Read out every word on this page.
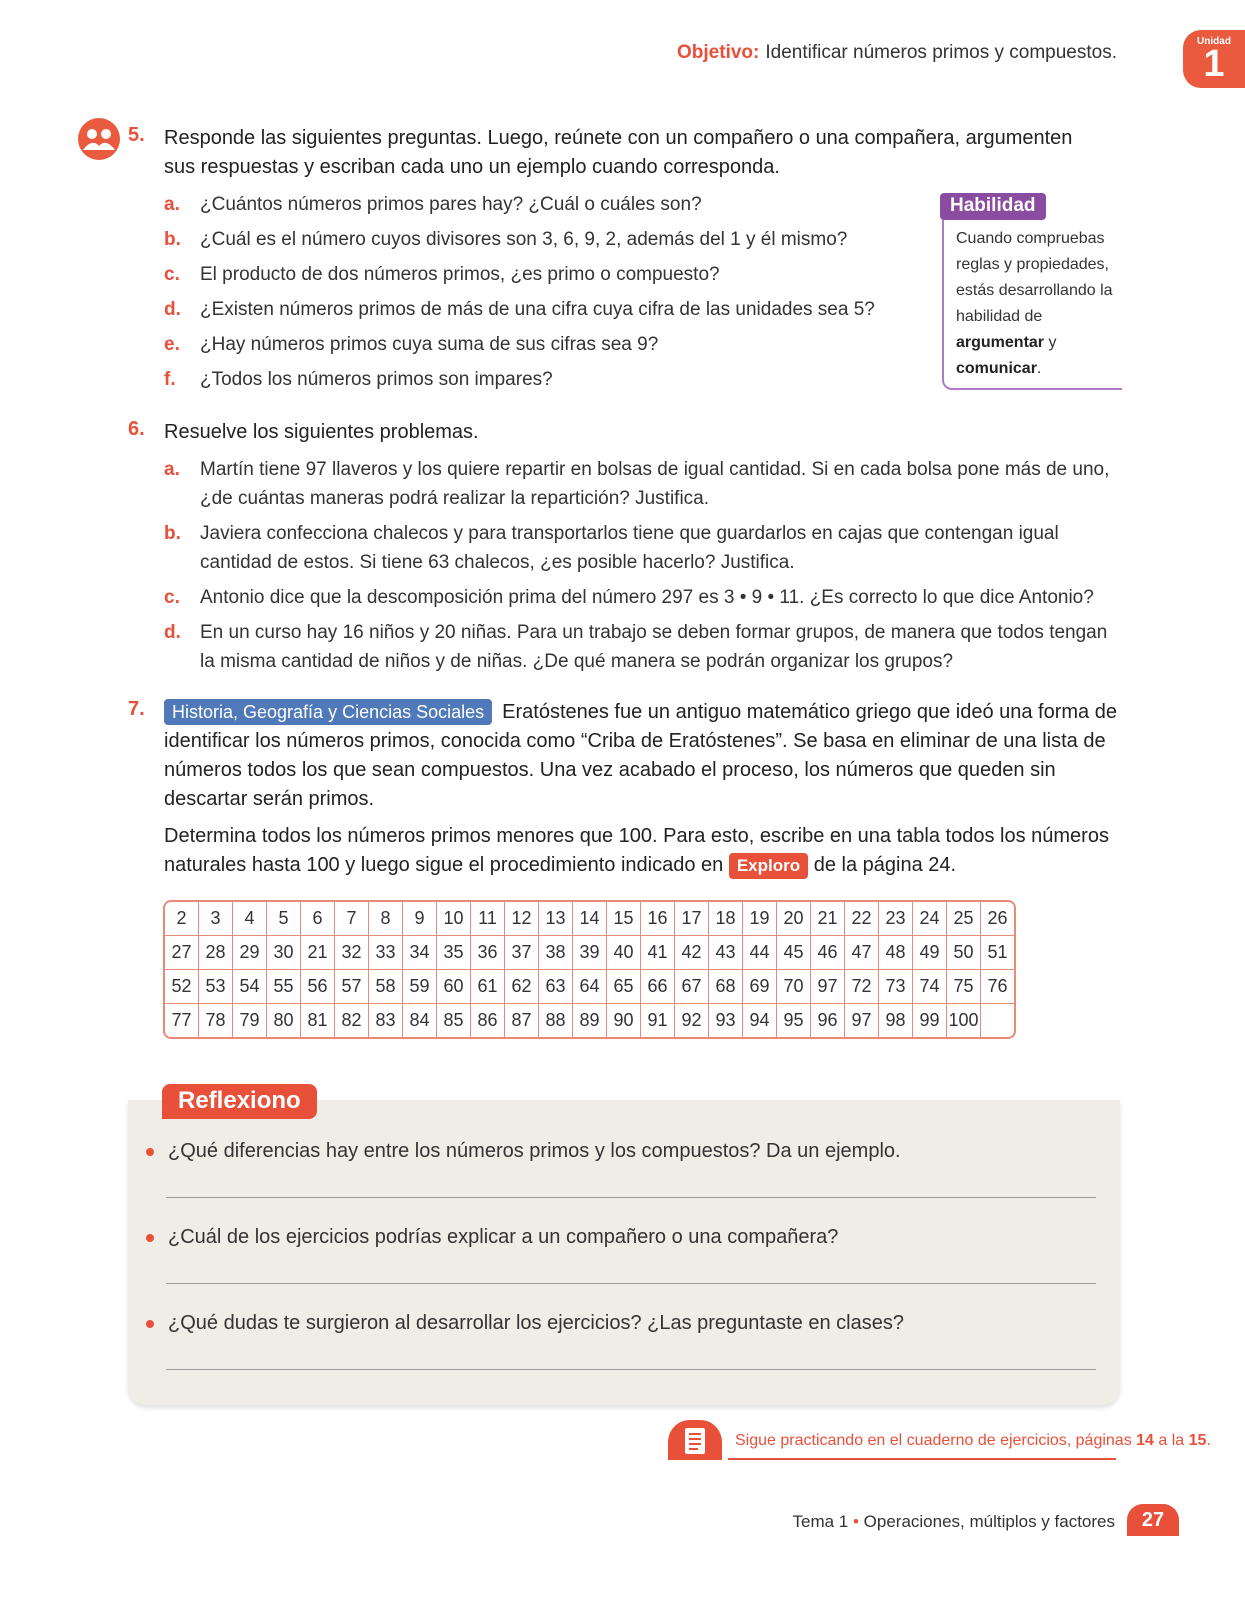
Objetivo: Identificar números primos y compuestos.
Unidad
1
5. Responde las siguientes preguntas. Luego, reúnete con un compañero o una compañera, argumenten
sus respuestas y escriban cada uno un ejemplo cuando corresponda.
a.	¿Cuántos números primos pares hay? ¿Cuál o cuáles son?
b.	¿Cuál es el número cuyos divisores son 3, 6, 9, 2, además del 1 y él mismo?
c.	El producto de dos números primos, ¿es primo o compuesto?
d.	¿Existen números primos de más de una cifra cuya cifra de las unidades sea 5?
e.	¿Hay números primos cuya suma de sus cifras sea 9?
f.	¿Todos los números primos son impares?
Habilidad
Cuando compruebas reglas y propiedades, estás desarrollando la habilidad de argumentar y comunicar.
6. Resuelve los siguientes problemas.
a.	Martín tiene 97 llaveros y los quiere repartir en bolsas de igual cantidad. Si en cada bolsa pone más de uno, ¿de cuántas maneras podrá realizar la repartición? Justifica.
b.	Javiera confecciona chalecos y para transportarlos tiene que guardarlos en cajas que contengan igual cantidad de estos. Si tiene 63 chalecos, ¿es posible hacerlo? Justifica.
c.	Antonio dice que la descomposición prima del número 297 es 3 • 9 • 11. ¿Es correcto lo que dice Antonio?
d.	En un curso hay 16 niños y 20 niñas. Para un trabajo se deben formar grupos, de manera que todos tengan la misma cantidad de niños y de niñas. ¿De qué manera se podrán organizar los grupos?
7.	Historia, Geografía y Ciencias Sociales Eratóstenes fue un antiguo matemático griego que ideó una forma de identificar los números primos, conocida como “Criba de Eratóstenes”. Se basa en eliminar de una lista de números todos los que sean compuestos. Una vez acabado el proceso, los números que queden sin descartar serán primos.
Determina todos los números primos menores que 100. Para esto, escribe en una tabla todos los números naturales hasta 100 y luego sigue el procedimiento indicado en Exploro de la página 24.
2	3	4	5	6	7	8	9	10	11	12	13	14	15	16	17	18	19	20	21	22	23	24	25	26
27	28	29	30	21	32	33	34	35	36	37	38	39	40	41	42	43	44	45	46	47	48	49	50	51
52	53	54	55	56	57	58	59	60	61	62	63	64	65	66	67	68	69	70	97	72	73	74	75	76
77	78	79	80	81	82	83	84	85	86	87	88	89	90	91	92	93	94	95	96	97	98	99	100	
Reflexiono
¿Qué diferencias hay entre los números primos y los compuestos? Da un ejemplo.
¿Cuál de los ejercicios podrías explicar a un compañero o una compañera?
¿Qué dudas te surgieron al desarrollar los ejercicios? ¿Las preguntaste en clases?
Sigue practicando en el cuaderno de ejercicios, páginas 14 a la 15.
Tema 1 • Operaciones, múltiplos y factores	27
